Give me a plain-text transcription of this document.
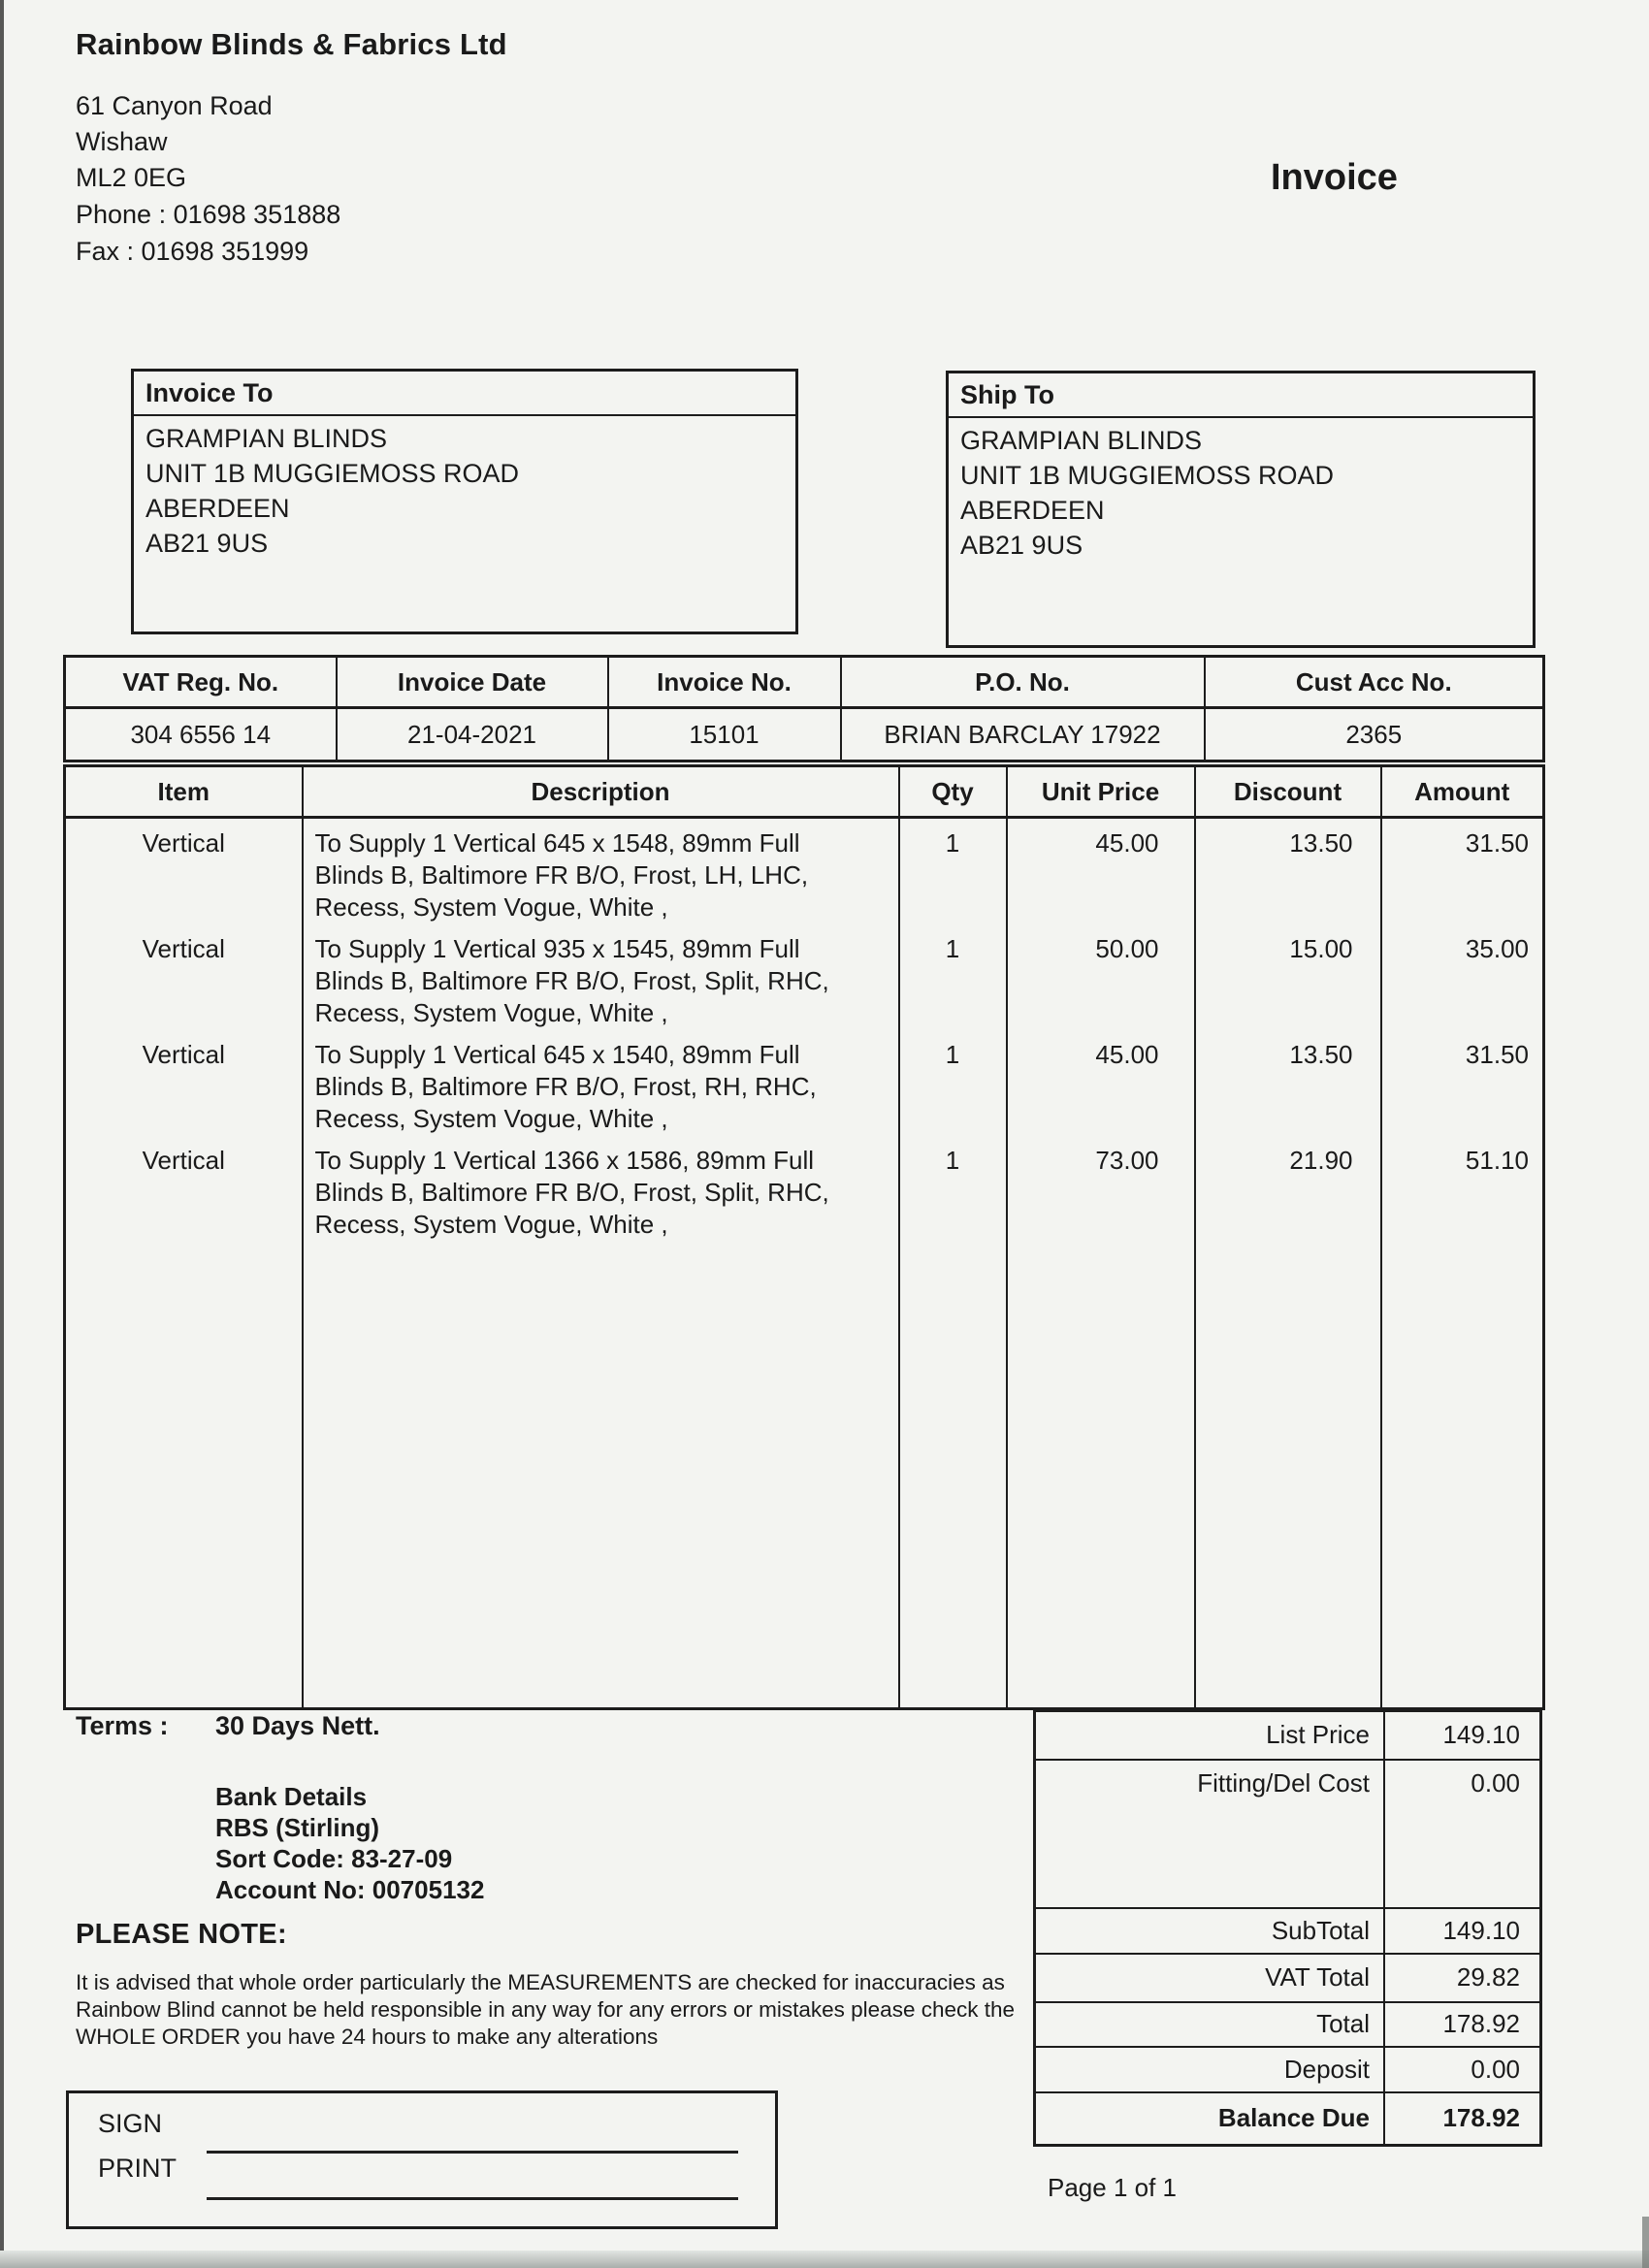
Rainbow Blinds & Fabrics Ltd
61 Canyon Road
Wishaw
ML2 0EG
Phone : 01698 351888
Fax : 01698 351999
Invoice
Invoice To
GRAMPIAN BLINDS
UNIT 1B MUGGIEMOSS ROAD
ABERDEEN
AB21 9US
Ship To
GRAMPIAN BLINDS
UNIT 1B MUGGIEMOSS ROAD
ABERDEEN
AB21 9US
VAT Reg. No.	Invoice Date	Invoice No.	P.O. No.	Cust Acc No.
304 6556 14	21-04-2021	15101	BRIAN BARCLAY 17922	2365
Item	Description	Qty	Unit Price	Discount	Amount
Vertical	To Supply 1 Vertical 645 x 1548, 89mm Full Blinds B, Baltimore FR B/O, Frost, LH, LHC, Recess, System Vogue, White ,	1	45.00	13.50	31.50
Vertical	To Supply 1 Vertical 935 x 1545, 89mm Full Blinds B, Baltimore FR B/O, Frost, Split, RHC, Recess, System Vogue, White ,	1	50.00	15.00	35.00
Vertical	To Supply 1 Vertical 645 x 1540, 89mm Full Blinds B, Baltimore FR B/O, Frost, RH, RHC, Recess, System Vogue, White ,	1	45.00	13.50	31.50
Vertical	To Supply 1 Vertical 1366 x 1586, 89mm Full Blinds B, Baltimore FR B/O, Frost, Split, RHC, Recess, System Vogue, White ,	1	73.00	21.90	51.10

Terms : 30 Days Nett.
Bank Details
RBS (Stirling)
Sort Code: 83-27-09
Account No: 00705132
PLEASE NOTE:
It is advised that whole order particularly the MEASUREMENTS are checked for inaccuracies as Rainbow Blind cannot be held responsible in any way for any errors or mistakes please check the WHOLE ORDER you have 24 hours to make any alterations
List Price	149.10
Fitting/Del Cost	0.00
SubTotal	149.10
VAT Total	29.82
Total	178.92
Deposit	0.00
Balance Due	178.92
SIGN
PRINT
Page 1 of 1
